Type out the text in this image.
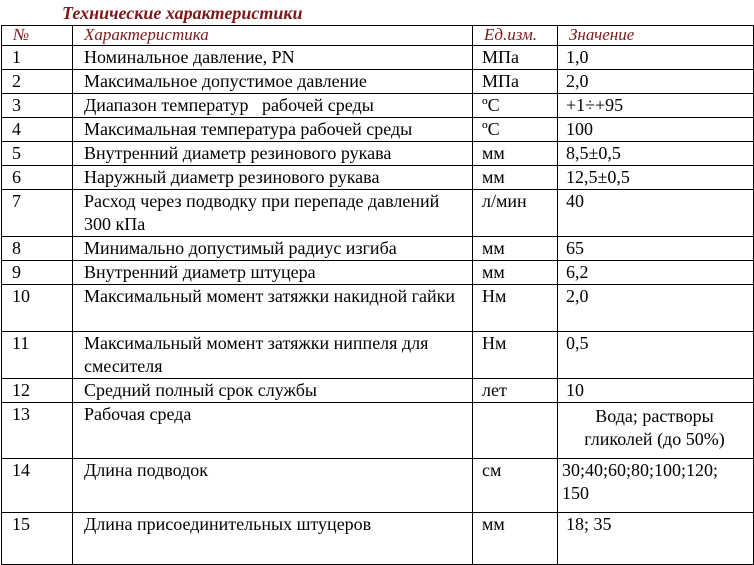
Технические характеристики
№	Характеристика	Ед.изм.	Значение
1	Номинальное давление, PN	МПа	1,0
2	Максимальное допустимое давление	МПа	2,0
3	Диапазон температур   рабочей среды	ºC	+1÷+95
4	Максимальная температура рабочей среды	ºC	100
5	Внутренний диаметр резинового рукава	мм	8,5±0,5
6	Наружный диаметр резинового рукава	мм	12,5±0,5
7	Расход через подводку при перепаде давлений 300 кПа	л/мин	40
8	Минимально допустимый радиус изгиба	мм	65
9	Внутренний диаметр штуцера	мм	6,2
10	Максимальный момент затяжки накидной гайки	Нм	2,0
11	Максимальный момент затяжки ниппеля для смесителя	Нм	0,5
12	Средний полный срок службы	лет	10
13	Рабочая среда		Вода; растворы гликолей (до 50%)
14	Длина подводок	см	30;40;60;80;100;120; 150
15	Длина присоединительных штуцеров	мм	18; 35
